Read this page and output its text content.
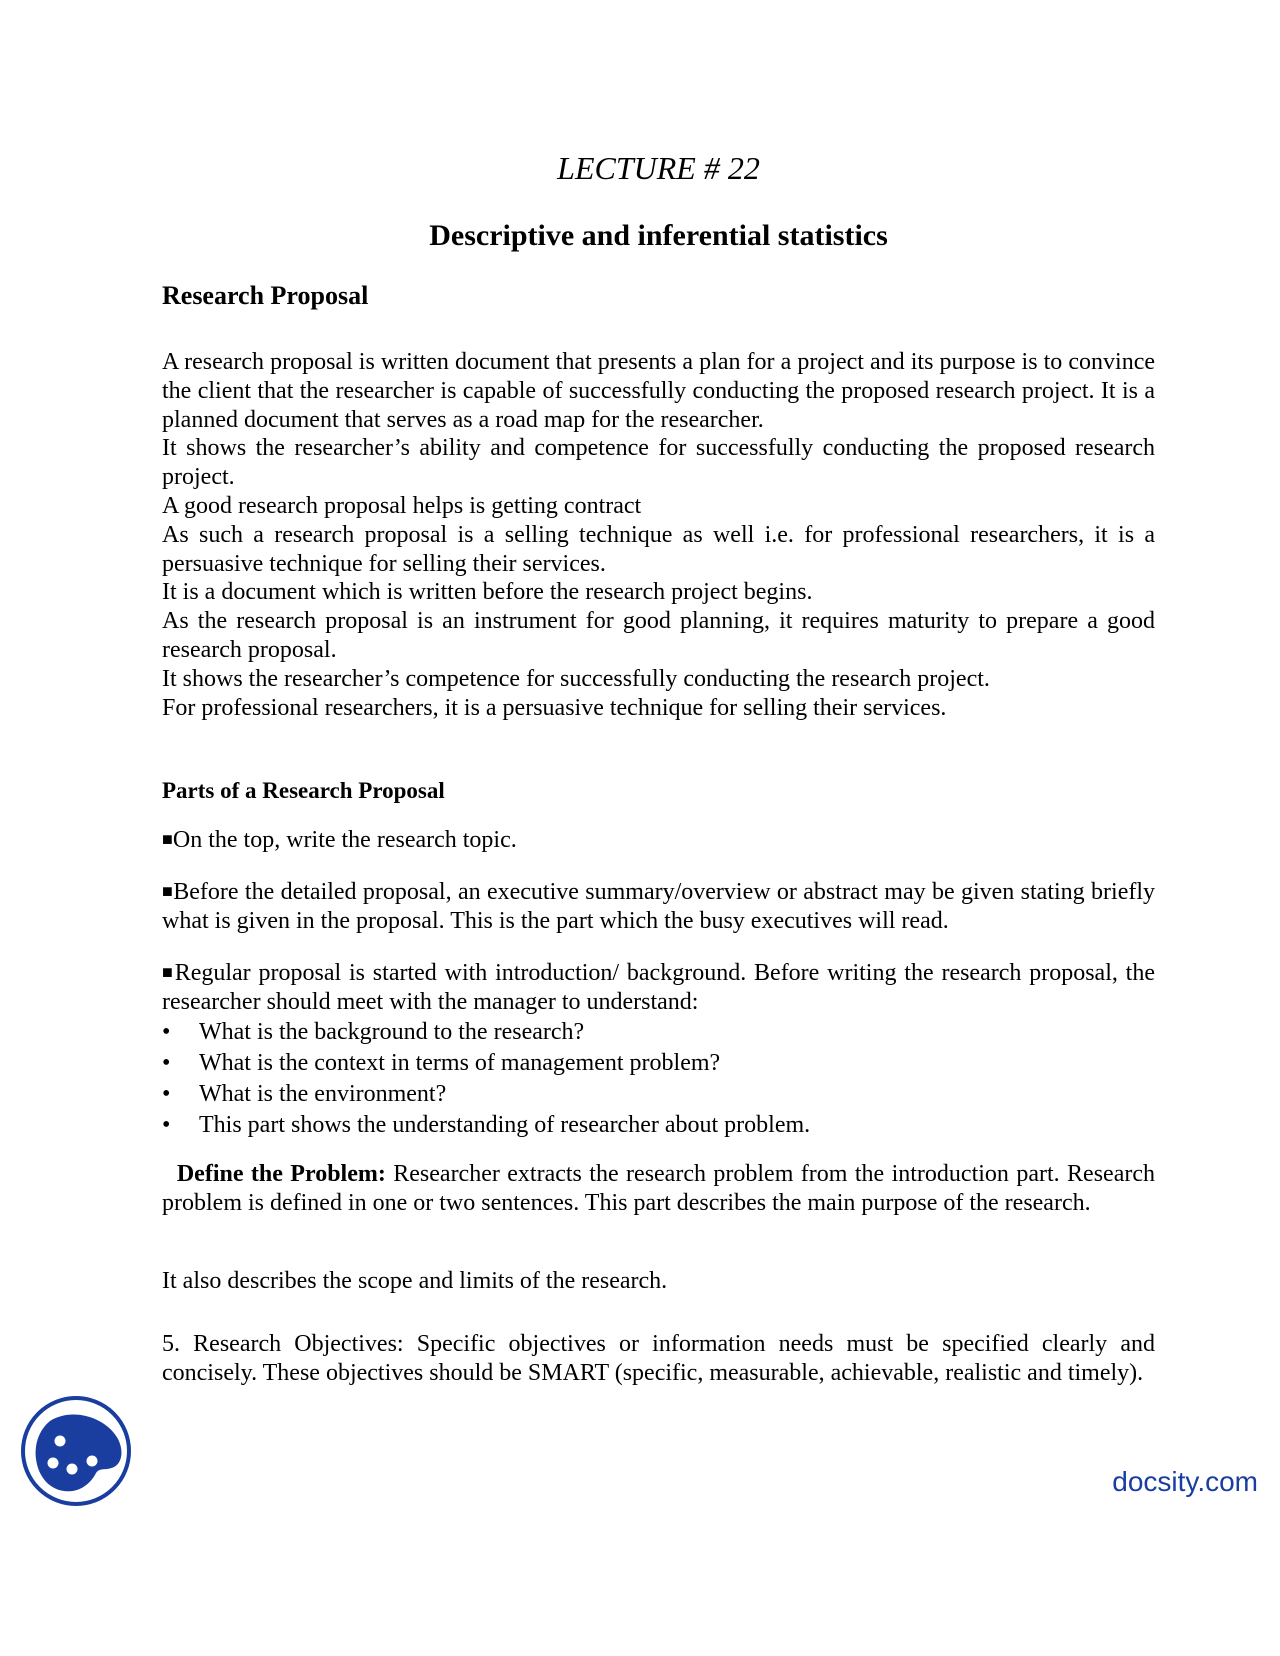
LECTURE # 22
Descriptive and inferential statistics
Research Proposal

A research proposal is written document that presents a plan for a project and its purpose is to convince the client that the researcher is capable of successfully conducting the proposed research project. It is a planned document that serves as a road map for the researcher.

It shows the researcher’s ability and competence for successfully conducting the proposed research project.

A good research proposal helps is getting contract

As such a research proposal is a selling technique as well i.e. for professional researchers, it is a persuasive technique for selling their services.

It is a document which is written before the research project begins.

As the research proposal is an instrument for good planning, it requires maturity to prepare a good research proposal.

It shows the researcher’s competence for successfully conducting the research project.

For professional researchers, it is a persuasive technique for selling their services.

Parts of a Research Proposal

■On the top, write the research topic.

■Before the detailed proposal, an executive summary/overview or abstract may be given stating briefly what is given in the proposal. This is the part which the busy executives will read.

■Regular proposal is started with introduction/ background. Before writing the research proposal, the researcher should meet with the manager to understand:

• What is the background to the research?
• What is the context in terms of management problem?
• What is the environment?
• This part shows the understanding of researcher about problem.

Define the Problem: Researcher extracts the research problem from the introduction part. Research problem is defined in one or two sentences. This part describes the main purpose of the research.

It also describes the scope and limits of the research.

5. Research Objectives: Specific objectives or information needs must be specified clearly and concisely. These objectives should be SMART (specific, measurable, achievable, realistic and timely).

docsity.com
